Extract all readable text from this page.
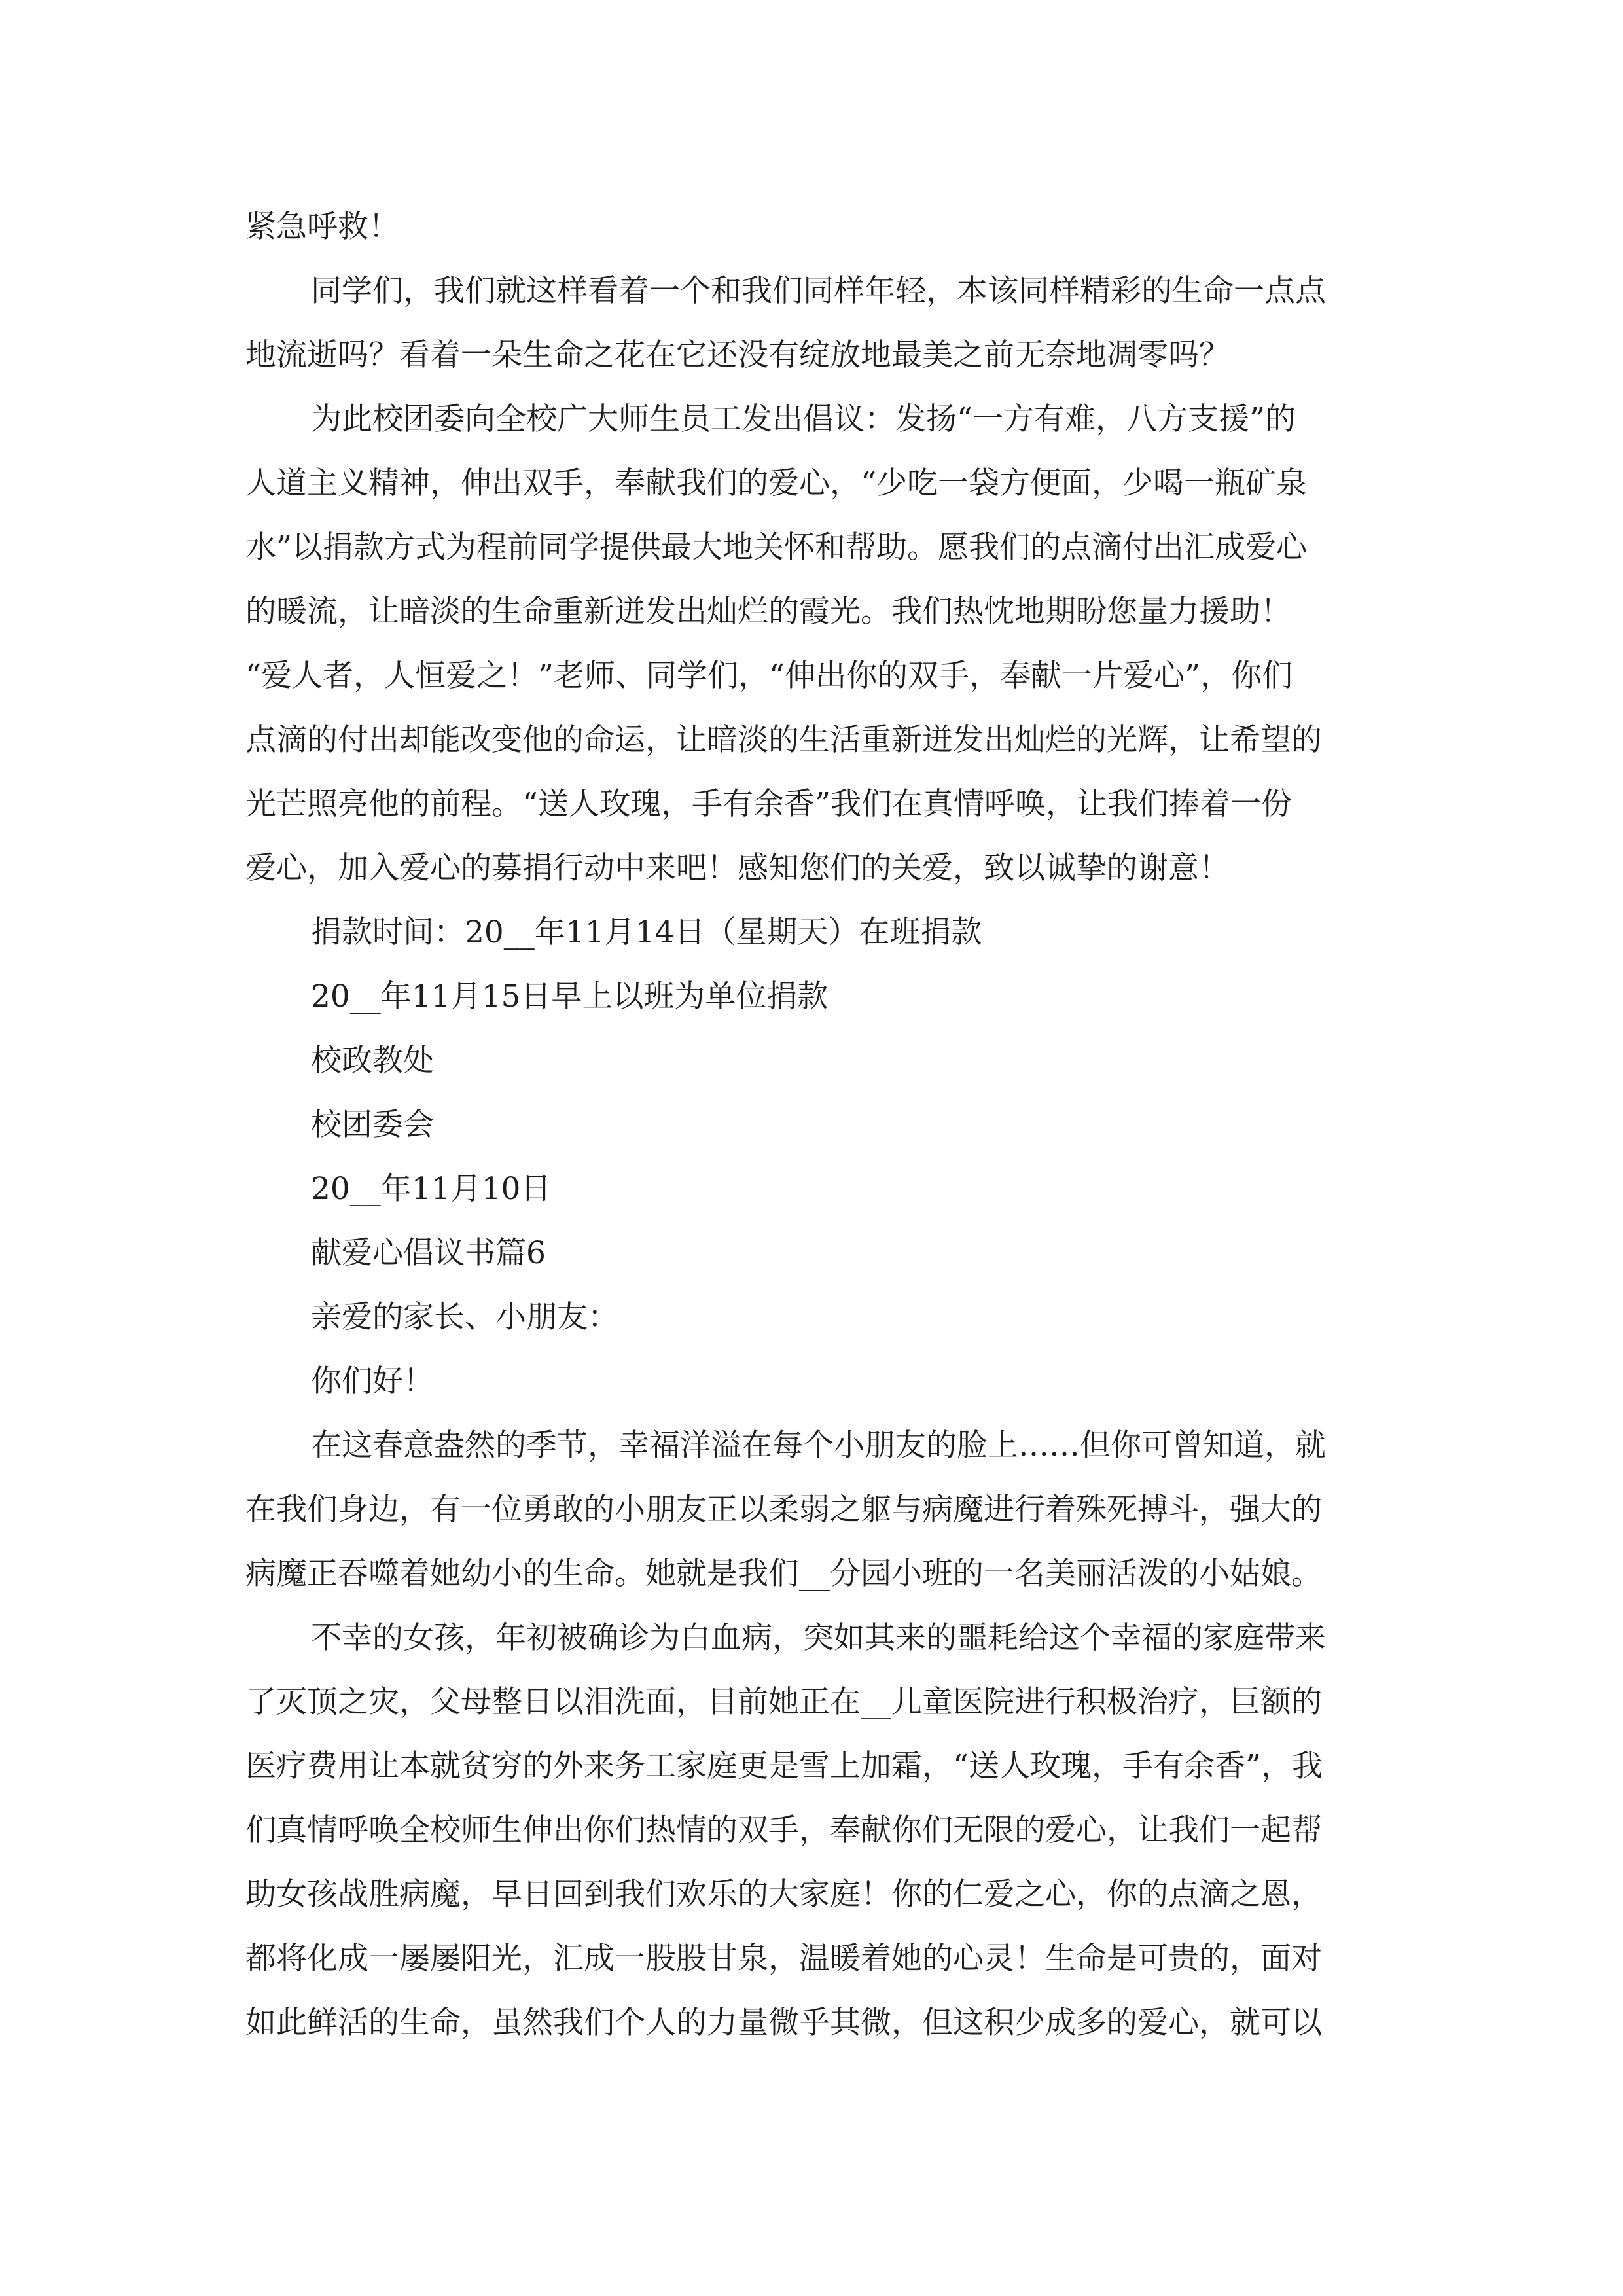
紧急呼救！
同学们，我们就这样看着一个和我们同样年轻，本该同样精彩的生命一点点
地流逝吗？看着一朵生命之花在它还没有绽放地最美之前无奈地凋零吗？
为此校团委向全校广大师生员工发出倡议：发扬“一方有难，八方支援”的
人道主义精神，伸出双手，奉献我们的爱心，“少吃一袋方便面，少喝一瓶矿泉
水”以捐款方式为程前同学提供最大地关怀和帮助。愿我们的点滴付出汇成爱心
的暖流，让暗淡的生命重新迸发出灿烂的霞光。我们热忱地期盼您量力援助！
“爱人者，人恒爱之！”老师、同学们，“伸出你的双手，奉献一片爱心”，你们
点滴的付出却能改变他的命运，让暗淡的生活重新迸发出灿烂的光辉，让希望的
光芒照亮他的前程。“送人玫瑰，手有余香”我们在真情呼唤，让我们捧着一份
爱心，加入爱心的募捐行动中来吧！感知您们的关爱，致以诚挚的谢意！
捐款时间：20__年11月14日（星期天）在班捐款
20__年11月15日早上以班为单位捐款
校政教处
校团委会
20__年11月10日
献爱心倡议书篇6
亲爱的家长、小朋友：
你们好！
在这春意盎然的季节，幸福洋溢在每个小朋友的脸上……但你可曾知道，就
在我们身边，有一位勇敢的小朋友正以柔弱之躯与病魔进行着殊死搏斗，强大的
病魔正吞噬着她幼小的生命。她就是我们__分园小班的一名美丽活泼的小姑娘。
不幸的女孩，年初被确诊为白血病，突如其来的噩耗给这个幸福的家庭带来
了灭顶之灾，父母整日以泪洗面，目前她正在__儿童医院进行积极治疗，巨额的
医疗费用让本就贫穷的外来务工家庭更是雪上加霜，“送人玫瑰，手有余香”，我
们真情呼唤全校师生伸出你们热情的双手，奉献你们无限的爱心，让我们一起帮
助女孩战胜病魔，早日回到我们欢乐的大家庭！你的仁爱之心，你的点滴之恩，
都将化成一屡屡阳光，汇成一股股甘泉，温暖着她的心灵！生命是可贵的，面对
如此鲜活的生命，虽然我们个人的力量微乎其微，但这积少成多的爱心，就可以
